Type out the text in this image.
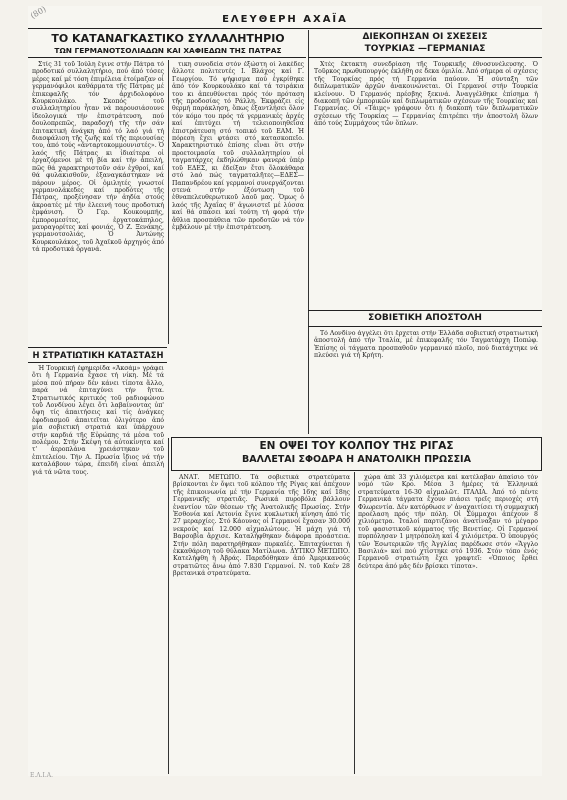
(80)	ΕΛΕΥΘΕΡΗ ΑΧΑΪΑ
ΤΟ ΚΑΤΑΝΑΓΚΑΣΤΙΚΟ ΣΥΛΛΑΛΗΤΗΡΙΟ
ΤΩΝ ΓΕΡΜΑΝΟΤΣΟΛΙΑΔΩΝ ΚΑΙ ΧΑΦΙΕΔΩΝ ΤΗΣ ΠΑΤΡΑΣ

Στίς 31 τοῦ Ἰούλη ἔγινε στήν Πάτρα τό προδοτικό συλλαλητήριο, πού ἀπό τόσες μέρες καί μέ τόση ἐπιμέλεια ἑτοίμαζαν οἱ γερμανόφιλοι καθάρματα τῆς Πάτρας μέ ἐπικεφαλῆς τόν ἀρχιδολοφόνο Κουρκουλάκο. Σκοπός τοῦ συλλαλητηρίου ἦταν νά παρουσιάσουνε ἰδεολογικά τήν ἐπιστράτευση, πού δουλοπρεπῶς, παραδοχή τῆς τήν σάν ἐπιτακτική ἀνάγκη ἀπό τό λαό γιά τή διασφάλιση τῆς ζωῆς καί τῆς περιουσίας του, ἀπό τούς «ἄνταρτοκομμουνιστές». Ὁ λαός τῆς Πάτρας κι ἰδιαίτερα οἱ ἐργαζόμενοι μέ τή βία καί τήν ἀπειλή, πῶς θά χαρακτηριστοῦν σάν ἐχθροί, καί θά φυλακισθοῦν, ἐξαναγκάστηκαν νά πάρουν μέρος. Οἱ ὁμιλητές γνωστοί γερμανολάκεδες καί προδότες τῆς Πάτρας, προξένησαν τήν ἀηδία στούς ἀκροατές μέ τήν ἐλεεινή τους προδοτική ἐμφάνιση. Ὁ Γερ. Κουκουμπής, ἐμπορομεσίτες, ἐργατοκάπηλος, μαυραγορίτες καί φονιάς, Ὁ Ζ. Ξενάκης, γερμανοτσολιάς, Ὁ Ἀντώνης Κουρκουλάκος, τοῦ Ἀχαϊκοῦ ἀρχηγός ἀπό τά προδοτικά ὀργανά.

τικη συνοδεία στόν ἐξώστη οἱ λακέδες ἄλλοτε πολιτευτές Ι. Βλάχος καί Γ. Γεωργίου. Τό ψήφισμα πού ἐγκρίθηκε ἀπό τόν Κουρκουλάκο καί τά τσιράκια του κι ἀπευθύνεται πρός τόν πρόταση τῆς προδοσίας τό Ράλλη. Ἐκφράζει εἰς θερμή παράκληση, ὅπως ἐξαντλήσει ὅλον τόν κόμο του πρός τά γερμανικές ἀρχές καί ἐπιτύχει τή τελειοποιηθεῖσα ἐπιστράτευση στό τοπικό τοῦ ΕΑΜ. Ἡ πόρεση ἔχει φτάσει στό κατασκοπεῖο. Χαρακτηριστικό ἐπίσης εἶναι ὅτι στήν προετοιμασία τοῦ συλλαλητηρίου οἱ ταγματάρχες ἐκδηλώθηκαν φανερά ὑπέρ τοῦ ΕΔΕΣ, κι ἐδείξαν ἔτσι ὅλοκάθαρα στό λαό πώς ταγματαλῆτες—ΕΔΕΣ—Παπανδρέου καί γερμανοί συνεργάζονται στενά στήν ἐξόντωση τοῦ ἐθναπελευθερωτικοῦ λαοῦ μας. Ὅμως ὁ λαός τῆς Ἀχαΐας θ' ἀγωνιστεῖ μέ λύσσα καί θά σπάσει καί τούτη τή φορά τήν ἄθλια προσπάθεια τῶν προδοτῶν νά τόν ἐμβάλουν μέ τήν ἐπιστράτευση.

Η ΣΤΡΑΤΙΩΤΙΚΗ ΚΑΤΑΣΤΑΣΗ

Ἡ Τουρκική ἐφημερίδα «Ἀκσάμ» γράφει ὅτι ἡ Γερμανία ἔχασε τή νίκη. Μέ τά μέσα πού πήραν δέν κάνει τίποτα ἄλλο, παρά νά ἐπιταχύνει τήν ἥττα. Στρατιωτικός κριτικός τοῦ ραδιοφώνου τοῦ Λονδίνου λέγει ὅτι λαβαίνοντας ὑπ' ὄψη τίς ἀπαιτήσεις καί τίς ἀνάγκες ἐφοδιασμοῦ ἀπαιτεῖται ὀλιγότερο ἀπό μία σοβιετική στρατιά καί ὑπάρχουν στήν καρδιά τῆς Εὐρώπης τά μέσα τοῦ πολέμου. Στήν Σκέψη τά αὐτοκίνητα καί τ' ἀεροπλάνα χρειάστηκαν τοῦ ἐπιτελείου. Τήν Α. Πρωσία ἴδιος νά τήν καταλάβουν τώρα, ἐπειδή εἶναι ἀπειλή γιά τά νῶτα τους.

ΔΙΕΚΟΠΗΣΑΝ ΟΙ ΣΧΕΣΕΙΣ
ΤΟΥΡΚΙΑΣ —ΓΕΡΜΑΝΙΑΣ

Χτές ἔκτακτη συνεδρίαση τῆς Τουρκικῆς ἐθνοσυνέλευσης. Ὁ Τοῦρκος πρωθυπουργός ἐκλήθη σε δεκα ὁμιλία. Ἀπό σήμερα οἱ σχέσεις τῆς Τουρκίας πρός τή Γερμανία παύουν. Ἡ σύνταξη τῶν διπλωματικῶν ἀρχῶν ἀνακοινώνεται. Οἱ Γερμανοί στήν Τουρκία κλείνουν. Ὁ Γερμανός πρέσβης ξεκινά. Ἀναγγέλθηκε ἐπίσημα ἡ διακοπή τῶν ἐμπορικῶν καί διπλωματικῶν σχέσεων τῆς Τουρκίας καί Γερμανίας. Οἱ «Τάιμς» γράφουν ὅτι ἡ διακοπή τῶν διπλωματικῶν σχέσεων τῆς Τουρκίας — Γερμανίας ἐπιτρέπει τήν ἀποστολή ὅλων ἀπό τούς Συμμάχους τῶν ὅπλων.

ΣΟΒΙΕΤΙΚΗ ΑΠΟΣΤΟΛΗ

Τό Λονδίνο ἀγγέλει ὅτι ἔρχεται στήν Ἑλλάδα σοβιετική στρατιωτική ἀποστολή ἀπό τήν Ἰταλία, μέ ἐπικεφαλῆς τόν Ταγματάρχη Ποπώφ. Ἐπίσης οἱ τάγματα προσπαθοῦν γερμανικό πλοῖο, πού διατάχτηκε νά πλεύσει γιά τή Κρήτη.

ΕΝ ΟΨΕΙ ΤΟΥ ΚΟΛΠΟΥ ΤΗΣ ΡΙΓΑΣ
ΒΑΛΛΕΤΑΙ ΣΦΟΔΡΑ Η ΑΝΑΤΟΛΙΚΗ ΠΡΩΣΣΙΑ

ΑΝΑΤ. ΜΕΤΩΠΟ. Τά σοβιετικά στρατεύματα βρίσκονται ἐν ὄψει τοῦ κόλπου τῆς Ρίγας καί ἀπέχουν τῆς ἐπικοινωνία μέ τήν Γερμανία τῆς 16ης καί 18ης Γερμανικῆς στρατιᾶς. Ρωσικά πυροβόλα βάλλουν ἐναντίον τῶν θέσεων τῆς Ἀνατολικῆς Πρωσίας. Στήν Ἐσθονία καί Λετονία ἔγινε κυκλωτική κίνηση ἀπό τίς 27 μεραρχίες. Στό Κάουνας οἱ Γερμανοί ἔχασαν 30.000 νεκρούς καί 12.000 αἰχμαλώτους. Ἡ μάχη γιά τή Βαρσοβία ἄρχισε. Καταλήφθηκαν διάφορα προάστεια. Στήν πόλη παρατηρήθηκαν πυρκαϊές. Ἐπιταχύνεται ἡ ἐκκαθάριση τοῦ θύλακα Ματίλωνα. ΔΥΤΙΚΟ ΜΕΤΩΠΟ. Κατελήφθη ἡ Ἀβράς. Παρεδόθηκαν ἀπό Ἀμερικανούς στρατιῶτες ἄνω ἀπό 7.830 Γερμανοί. Ν. τοῦ Καέν 28 βρετανικά στρατεύματα.

χώρα ἀπέ 33 χιλιόμετρα καί κατέλαβαν ἀπαίσιο τόν νομό τῶν Κρο. Μέσα 3 ἡμέρες τά Ἑλληνικά στρατεύματα 16-30 αἰχμαλῶτ. ΙΤΑΛΙΑ. Ἀπό τό πέντε Γερμανικά τάγματα ἔχουν πιάσει τρεῖς περιοχές στή Φλωρεντία. Δέν κατόρθωσε ν' ἀναχαιτίσει τή συμμαχική προέλαση πρός τήν πόλη. Οἱ Σύμμαχοι ἀπέχουν 8 χιλιόμετρα. Ἰταλοί παρτιζάνοι ἀνατίναξαν τό μέγαρο τοῦ φασιστικοῦ κόμματος τῆς Βενετίας. Οἱ Γερμανοί πυρπόλησαν 1 μητρόπολη καί 4 χιλιόμετρα. Ὁ ὑπουργός τῶν Ἐσωτερικῶν τῆς Ἀγγλίας παρέδωσε στόν «Ἄγγλο Βασιλιά» καί πού χτίστηκε στό 1936. Στόν τόπο ἐνός Γερμανοῦ στρατιώτη ἔχει γραφτεῖ: «Ὁποιος ἔρθει δεύτερα ἀπό μᾶς δέν βρίσκει τίποτα».

Ε.Λ.Ι.Α.
